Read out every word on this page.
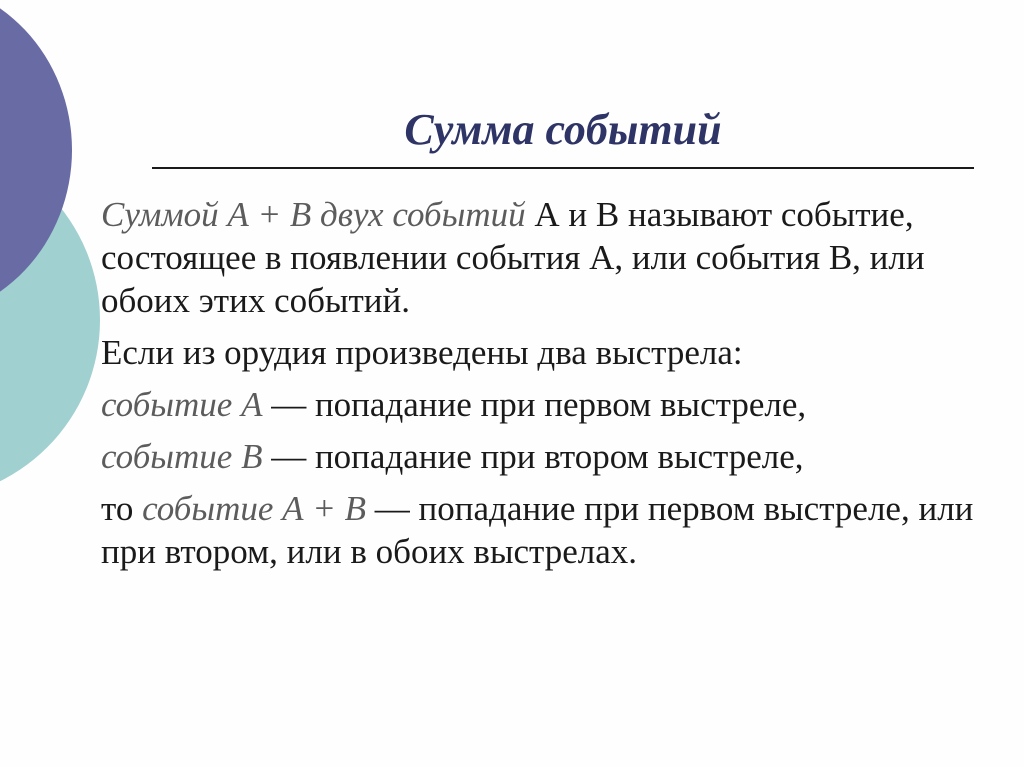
Сумма событий

Суммой А + В двух событий А и В называют событие, состоящее в появлении события А, или события В, или обоих этих событий.

Если из орудия произведены два выстрела:

событие А — попадание при первом выстреле,

событие В — попадание при втором выстреле,

то событие А + В — попадание при первом выстреле, или при втором, или в обоих выстрелах.
